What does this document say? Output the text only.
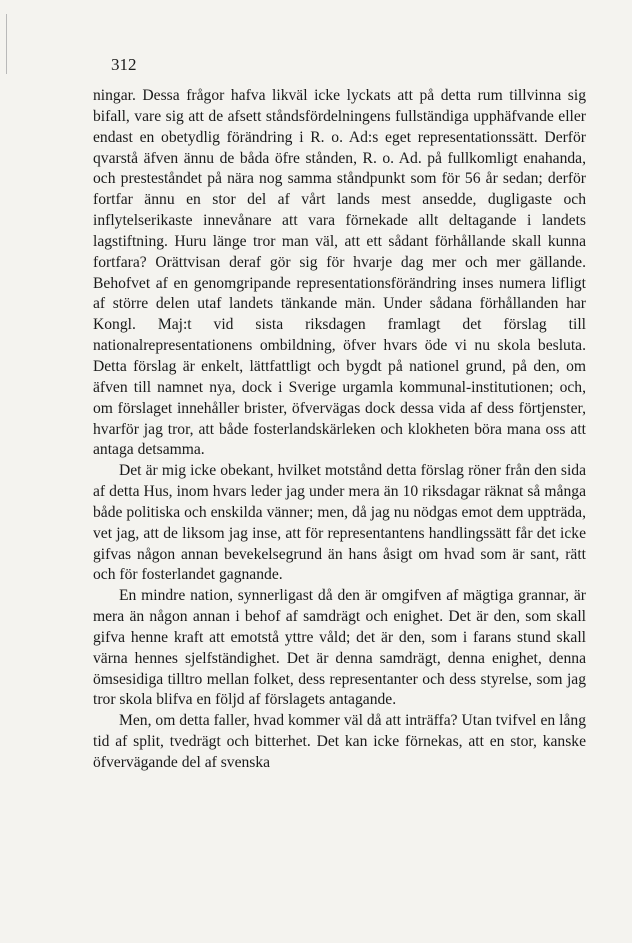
312

ningar. Dessa frågor hafva likväl icke lyckats att på detta rum tillvinna sig bifall, vare sig att de afsett ståndsfördelningens fullständiga upphäfvande eller endast en obetydlig förändring i R. o. Ad:s eget representationssätt. Derför qvarstå äfven ännu de båda öfre stånden, R. o. Ad. på fullkomligt enahanda, och presteståndet på nära nog samma ståndpunkt som för 56 år sedan; derför fortfar ännu en stor del af vårt lands mest ansedde, dugligaste och inflytelserikaste innevånare att vara förnekade allt deltagande i landets lagstiftning. Huru länge tror man väl, att ett sådant förhållande skall kunna fortfara? Orättvisan deraf gör sig för hvarje dag mer och mer gällande. Behofvet af en genomgripande representationsförändring inses numera lifligt af större delen utaf landets tänkande män. Under sådana förhållanden har Kongl. Maj:t vid sista riksdagen framlagt det förslag till nationalrepresentationens ombildning, öfver hvars öde vi nu skola besluta. Detta förslag är enkelt, lättfattligt och bygdt på nationel grund, på den, om äfven till namnet nya, dock i Sverige urgamla kommunal-institutionen; och, om förslaget innehåller brister, öfvervägas dock dessa vida af dess förtjenster, hvarför jag tror, att både fosterlandskärleken och klokheten böra mana oss att antaga detsamma.

Det är mig icke obekant, hvilket motstånd detta förslag röner från den sida af detta Hus, inom hvars leder jag under mera än 10 riksdagar räknat så många både politiska och enskilda vänner; men, då jag nu nödgas emot dem uppträda, vet jag, att de liksom jag inse, att för representantens handlingssätt får det icke gifvas någon annan bevekelsegrund än hans åsigt om hvad som är sant, rätt och för fosterlandet gagnande.

En mindre nation, synnerligast då den är omgifven af mägtiga grannar, är mera än någon annan i behof af samdrägt och enighet. Det är den, som skall gifva henne kraft att emotstå yttre våld; det är den, som i farans stund skall värna hennes sjelfständighet. Det är denna samdrägt, denna enighet, denna ömsesidiga tilltro mellan folket, dess representanter och dess styrelse, som jag tror skola blifva en följd af förslagets antagande.

Men, om detta faller, hvad kommer väl då att inträffa? Utan tvifvel en lång tid af split, tvedrägt och bitterhet. Det kan icke förnekas, att en stor, kanske öfvervägande del af svenska
